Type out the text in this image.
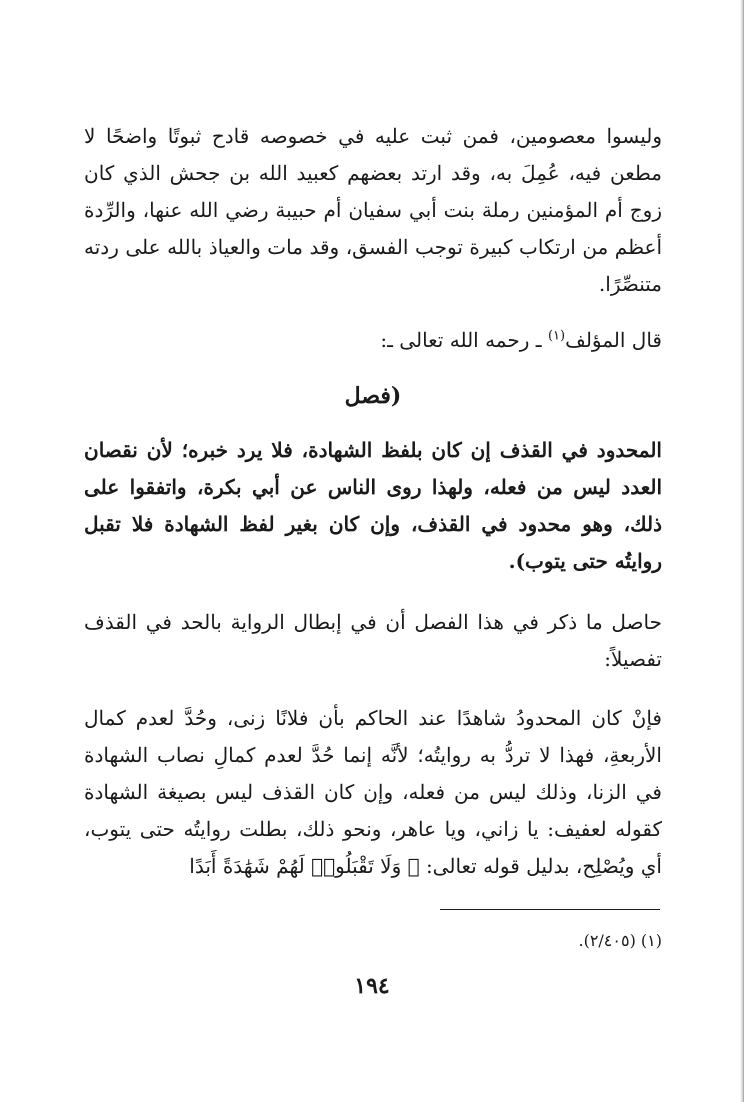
وليسوا معصومين، فمن ثبت عليه في خصوصه قادح ثبوتًا واضحًا لا مطعن فيه، عُمِلَ به، وقد ارتد بعضهم كعبيد الله بن جحش الذي كان زوج أم المؤمنين رملة بنت أبي سفيان أم حبيبة رضي الله عنها، والرِّدة أعظم من ارتكاب كبيرة توجب الفسق، وقد مات والعياذ بالله على ردته متنصِّرًا.

قال المؤلف$^{(١)}$ ـ رحمه الله تعالى ـ:

(فصل

المحدود في القذف إن كان بلفظ الشهادة، فلا يرد خبره؛ لأن نقصان العدد ليس من فعله، ولهذا روى الناس عن أبي بكرة، واتفقوا على ذلك، وهو محدود في القذف، وإن كان بغير لفظ الشهادة فلا تقبل روايتُه حتى يتوب).

حاصل ما ذكر في هذا الفصل أن في إبطال الرواية بالحد في القذف تفصيلاً:

فإنْ كان المحدودُ شاهدًا عند الحاكم بأن فلانًا زنى، وحُدَّ لعدم كمال الأربعةِ، فهذا لا تردُّ به روايتُه؛ لأنَّه إنما حُدَّ لعدم كمالِ نصاب الشهادة في الزنا، وذلك ليس من فعله، وإن كان القذف ليس بصيغة الشهادة كقوله لعفيف: يا زاني، ويا عاهر، ونحو ذلك، بطلت روايتُه حتى يتوب، أي ويُصْلِح، بدليل قوله تعالى: ﴿ وَلَا تَقْبَلُوا۟ لَهُمْ شَهَٰدَةً أَبَدًا

(١) (٢/٤٠٥).

١٩٤
